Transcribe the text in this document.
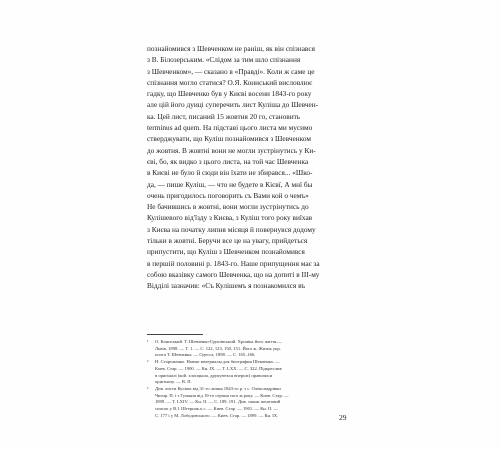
познайомився з Шевченком не раніш, як він спізнався
з В. Білозерським. «Слідом за тим шло спізнання
з Шевченком», — сказано в «Правді». Коли ж саме це
спізнання могло статися? О.Я. Кониський висловлює
гадку, що Шевченко був у Києві восени 1843-го року
але цій його дуиці суперечить лист Куліша до Шевчен-
ка. Цей лист, писаний 15 жовтня 20 го, становить
terminus ad quem. На підставі цього листа ми мусимо
стверджувати, що Куліш познайомився з Шевченком
до жовтня. В жовтні вони не могли зустрінутись у Ки-
єві, бо, як видко з цього листа, на той час Шевченка
в Києві не було й сюди він їхати не збирався... «Шко-
да, — пише Куліш, — что не будете в Кієвї, А мнї бы
очень пригодилось поговорить съ Вами кой о чемъ»
Не бачившись в жовтні, вони могли зустрінутись до
Кулішевого від'їзду з Києва, з Куліш того року виїхав
з Києва на початку липня місяця й повернувся додому
тільки в жовтні. Беручи все це на увагу, прийдеться
припустити, що Куліш з Шевченком познайомився
в першій половині р. 1843-го. Наше припущення має за
собою вказівку самого Шевченка, що на допиті в ІІІ-му
Відділі зазначив: «Съ Кулішемъ я познакомился въ
¹	О. Кониський. Т. Шевченко-Грушівський. Хроніка його життя.—
Львів, 1898. — Т. 1. — С. 122, 123, 150, 151. Його ж. Жизнь укр.
поэта Т. Шевченка. — Одесса, 1898. — С. 165–166.
²	Н. Стороженко. Новые материалы для биографии Шевченка. —
Киев. Стар. — 1900. — Кн. IX. — Т. LXX. — С. 322. Підкреслив
в оригіналі (кой. хлопцьша, друкуються впершє) правописи
оригіналу. — В. П.
³	Див. листи Куліша від 31-го липня 1843-го р. з с. Олександрівки
Чигир. П. і з Гуманія від 19-го серпня того ж року. — Киев. Стар. —
1899. — Т. LXIV. — Кн. II. — С. 189, 191. Див. також поштовий
список у В.І. Штерпак.о.с. — Киев. Стар. — 1901. — Кн. II. —
С. 177 і у М. Лободовського. — Киев. Стар. — 1899. — Кн. IX.	29
